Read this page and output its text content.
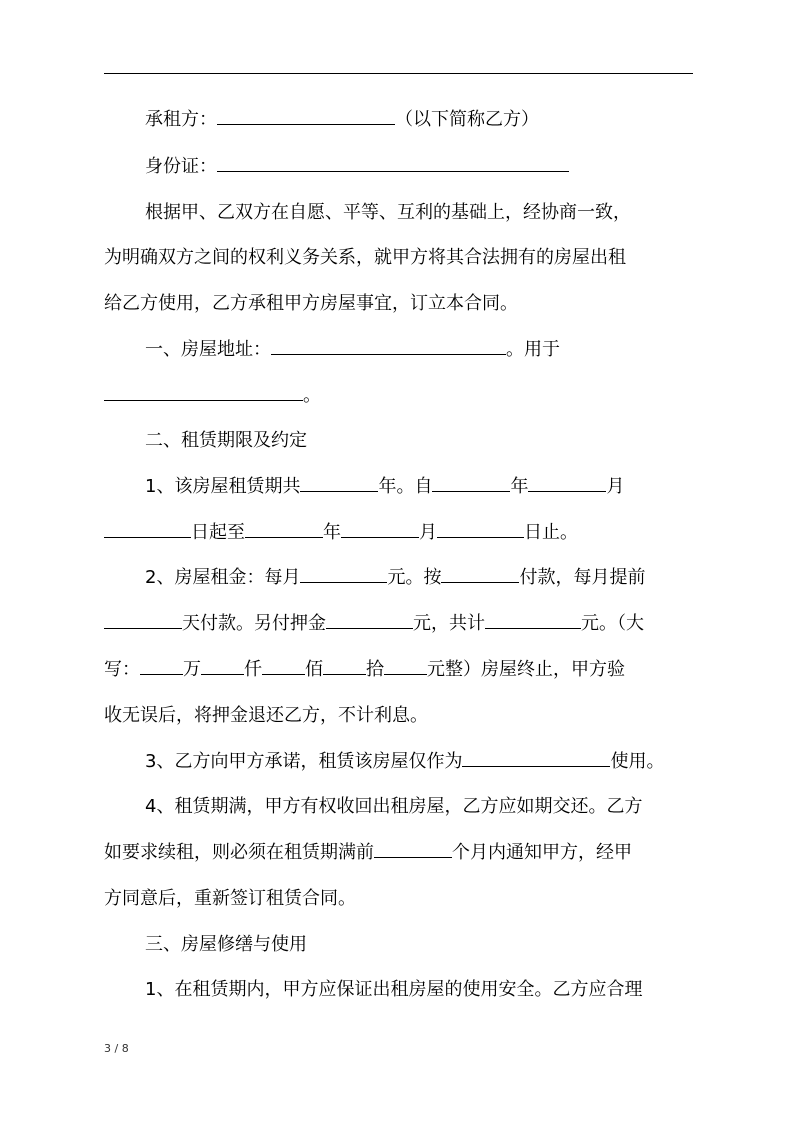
承租方：	（以下简称乙方）
身份证：
根据甲、乙双方在自愿、平等、互利的基础上，经协商一致，
为明确双方之间的权利义务关系，就甲方将其合法拥有的房屋出租
给乙方使用，乙方承租甲方房屋事宜，订立本合同。
一、房屋地址：	。用于
。
二、租赁期限及约定
1、该房屋租赁期共	年。自	年	月
日起至	年	月	日止。
2、房屋租金：每月	元。按	付款，每月提前
天付款。另付押金	元，共计	元。（大
写： 万 仟 佰 拾 元整）房屋终止，甲方验
收无误后，将押金退还乙方，不计利息。
3、乙方向甲方承诺，租赁该房屋仅作为	使用。
4、租赁期满，甲方有权收回出租房屋，乙方应如期交还。乙方
如要求续租，则必须在租赁期满前	个月内通知甲方，经甲
方同意后，重新签订租赁合同。
三、房屋修缮与使用
1、在租赁期内，甲方应保证出租房屋的使用安全。乙方应合理
3 / 8
